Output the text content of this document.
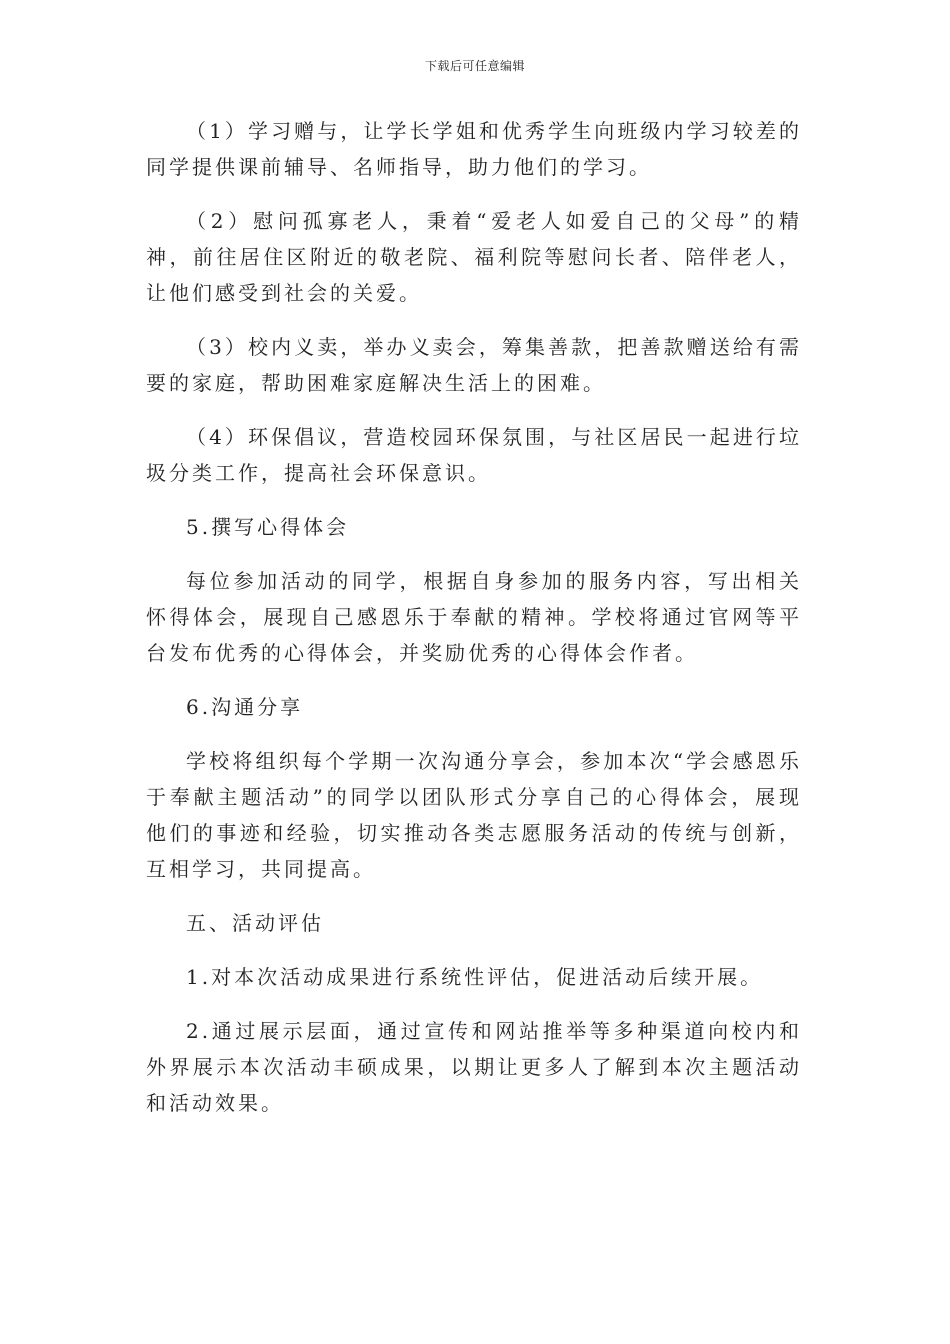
下载后可任意编辑

（1）学习赠与，让学长学姐和优秀学生向班级内学习较差的同学提供课前辅导、名师指导，助力他们的学习。

（2）慰问孤寡老人，秉着“爱老人如爱自己的父母”的精神，前往居住区附近的敬老院、福利院等慰问长者、陪伴老人，让他们感受到社会的关爱。

（3）校内义卖，举办义卖会，筹集善款，把善款赠送给有需要的家庭，帮助困难家庭解决生活上的困难。

（4）环保倡议，营造校园环保氛围，与社区居民一起进行垃圾分类工作，提高社会环保意识。

5.撰写心得体会

每位参加活动的同学，根据自身参加的服务内容，写出相关怀得体会，展现自己感恩乐于奉献的精神。学校将通过官网等平台发布优秀的心得体会，并奖励优秀的心得体会作者。

6.沟通分享

学校将组织每个学期一次沟通分享会，参加本次“学会感恩乐于奉献主题活动”的同学以团队形式分享自己的心得体会，展现他们的事迹和经验，切实推动各类志愿服务活动的传统与创新，互相学习，共同提高。

五、活动评估

1.对本次活动成果进行系统性评估，促进活动后续开展。

2.通过展示层面，通过宣传和网站推举等多种渠道向校内和外界展示本次活动丰硕成果，以期让更多人了解到本次主题活动和活动效果。
